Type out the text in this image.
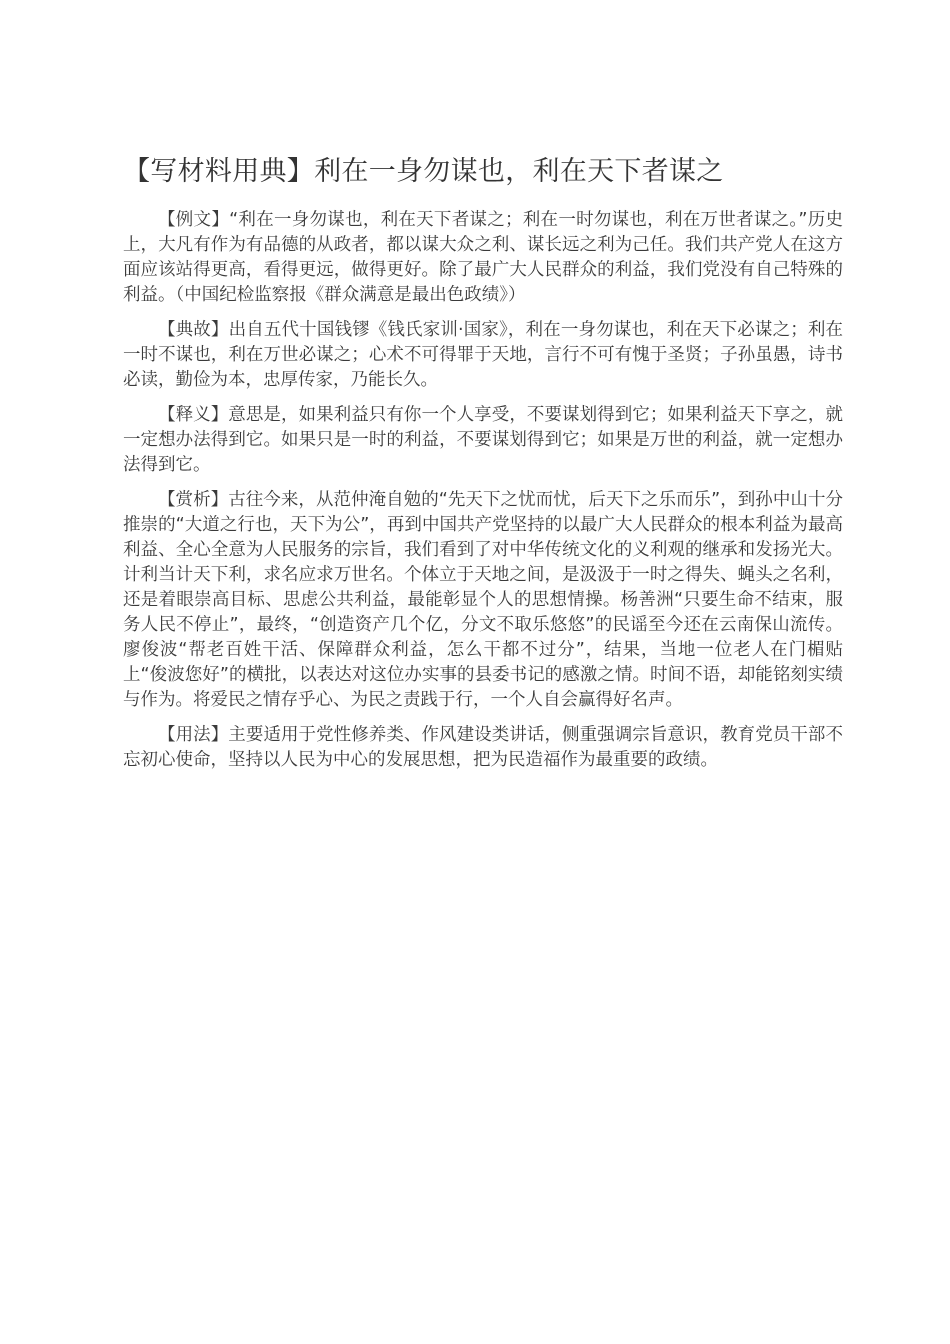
【写材料用典】利在一身勿谋也，利在天下者谋之

【例文】“利在一身勿谋也，利在天下者谋之；利在一时勿谋也，利在万世者谋之。”历史上，大凡有作为有品德的从政者，都以谋大众之利、谋长远之利为己任。我们共产党人在这方面应该站得更高，看得更远，做得更好。除了最广大人民群众的利益，我们党没有自己特殊的利益。（中国纪检监察报《群众满意是最出色政绩》）

【典故】出自五代十国钱镠《钱氏家训·国家》，利在一身勿谋也，利在天下必谋之；利在一时不谋也，利在万世必谋之；心术不可得罪于天地，言行不可有愧于圣贤；子孙虽愚，诗书必读，勤俭为本，忠厚传家，乃能长久。

【释义】意思是，如果利益只有你一个人享受，不要谋划得到它；如果利益天下享之，就一定想办法得到它。如果只是一时的利益，不要谋划得到它；如果是万世的利益，就一定想办法得到它。

【赏析】古往今来，从范仲淹自勉的“先天下之忧而忧，后天下之乐而乐”，到孙中山十分推崇的“大道之行也，天下为公”，再到中国共产党坚持的以最广大人民群众的根本利益为最高利益、全心全意为人民服务的宗旨，我们看到了对中华传统文化的义利观的继承和发扬光大。计利当计天下利，求名应求万世名。个体立于天地之间，是汲汲于一时之得失、蝇头之名利，还是着眼崇高目标、思虑公共利益，最能彰显个人的思想情操。杨善洲“只要生命不结束，服务人民不停止”，最终，“创造资产几个亿，分文不取乐悠悠”的民谣至今还在云南保山流传。廖俊波“帮老百姓干活、保障群众利益，怎么干都不过分”，结果，当地一位老人在门楣贴上“俊波您好”的横批，以表达对这位办实事的县委书记的感激之情。时间不语，却能铭刻实绩与作为。将爱民之情存乎心、为民之责践于行，一个人自会赢得好名声。

【用法】主要适用于党性修养类、作风建设类讲话，侧重强调宗旨意识，教育党员干部不忘初心使命，坚持以人民为中心的发展思想，把为民造福作为最重要的政绩。
